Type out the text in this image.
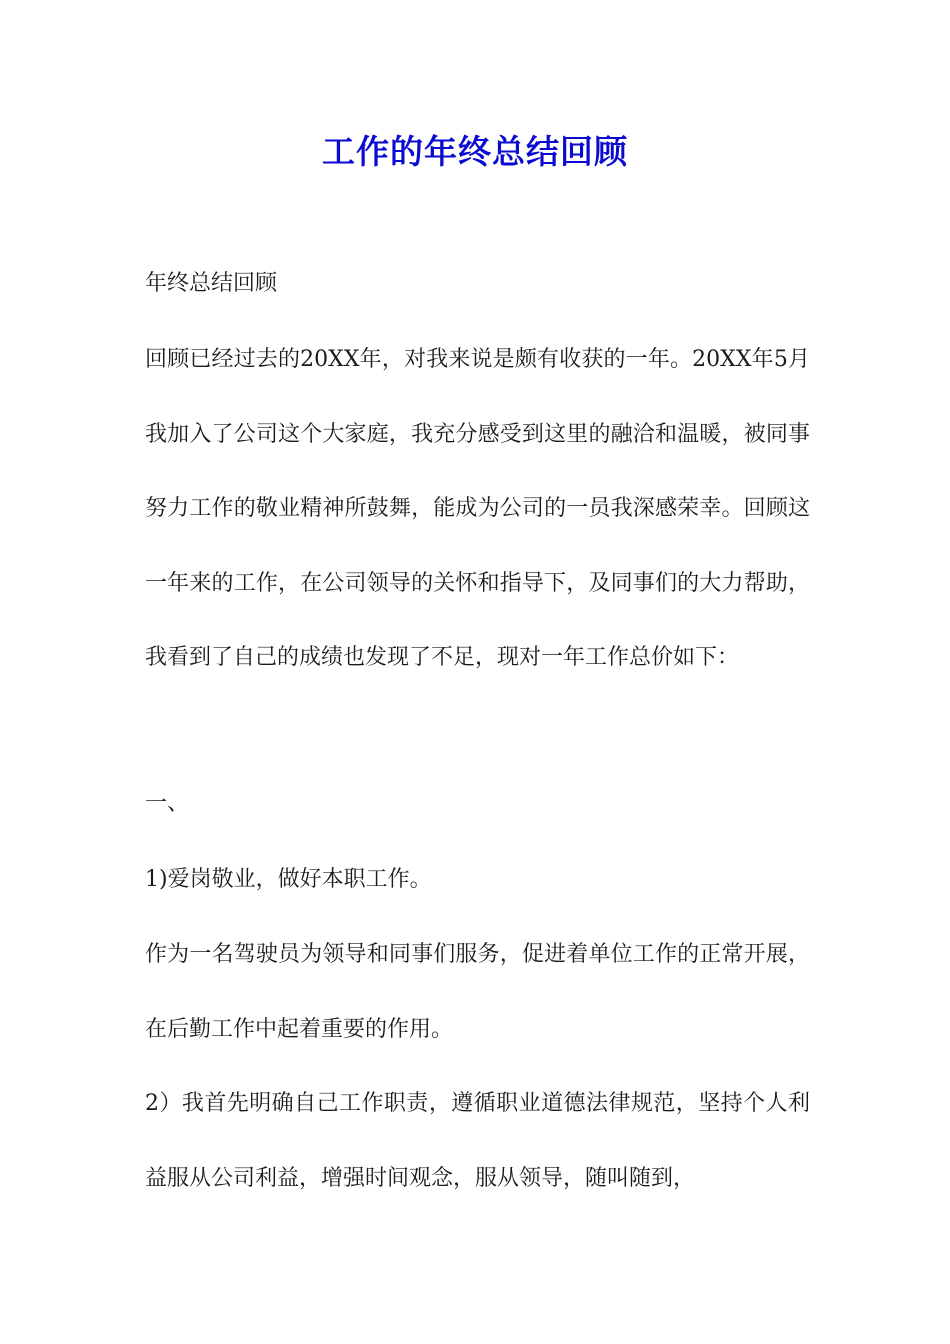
工作的年终总结回顾

年终总结回顾

回顾已经过去的20XX年，对我来说是颇有收获的一年。20XX年5月我加入了公司这个大家庭，我充分感受到这里的融洽和温暖，被同事努力工作的敬业精神所鼓舞，能成为公司的一员我深感荣幸。回顾这一年来的工作，在公司领导的关怀和指导下，及同事们的大力帮助，我看到了自己的成绩也发现了不足，现对一年工作总价如下：

一、

1)爱岗敬业，做好本职工作。

作为一名驾驶员为领导和同事们服务，促进着单位工作的正常开展，在后勤工作中起着重要的作用。

2）我首先明确自己工作职责，遵循职业道德法律规范，坚持个人利益服从公司利益，增强时间观念，服从领导，随叫随到，
